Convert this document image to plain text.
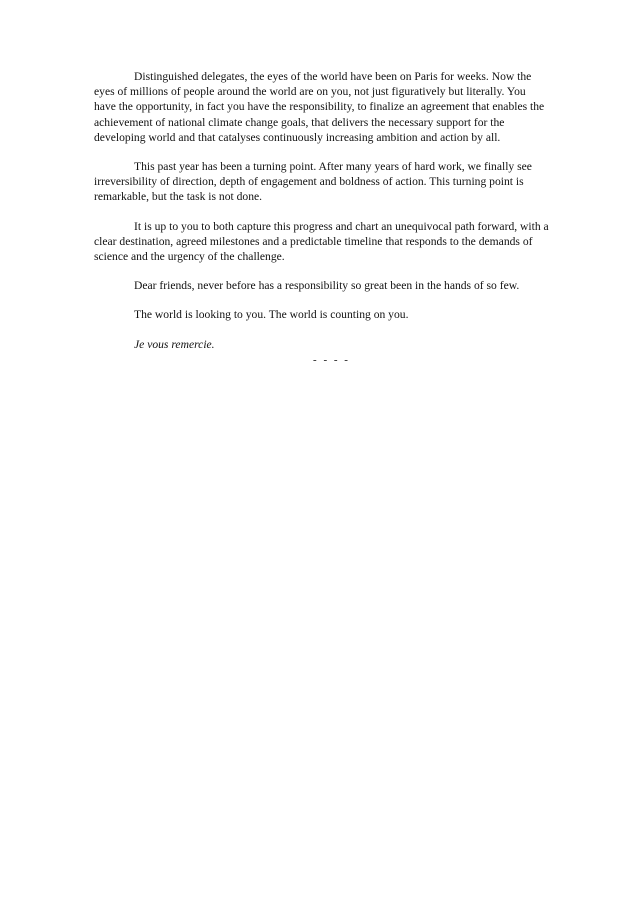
Distinguished delegates, the eyes of the world have been on Paris for weeks. Now the eyes of millions of people around the world are on you, not just figuratively but literally. You have the opportunity, in fact you have the responsibility, to finalize an agreement that enables the achievement of national climate change goals, that delivers the necessary support for the developing world and that catalyses continuously increasing ambition and action by all.

This past year has been a turning point. After many years of hard work, we finally see irreversibility of direction, depth of engagement and boldness of action. This turning point is remarkable, but the task is not done.

It is up to you to both capture this progress and chart an unequivocal path forward, with a clear destination, agreed milestones and a predictable timeline that responds to the demands of science and the urgency of the challenge.

Dear friends, never before has a responsibility so great been in the hands of so few.

The world is looking to you. The world is counting on you.

Je vous remercie.

- - - -
